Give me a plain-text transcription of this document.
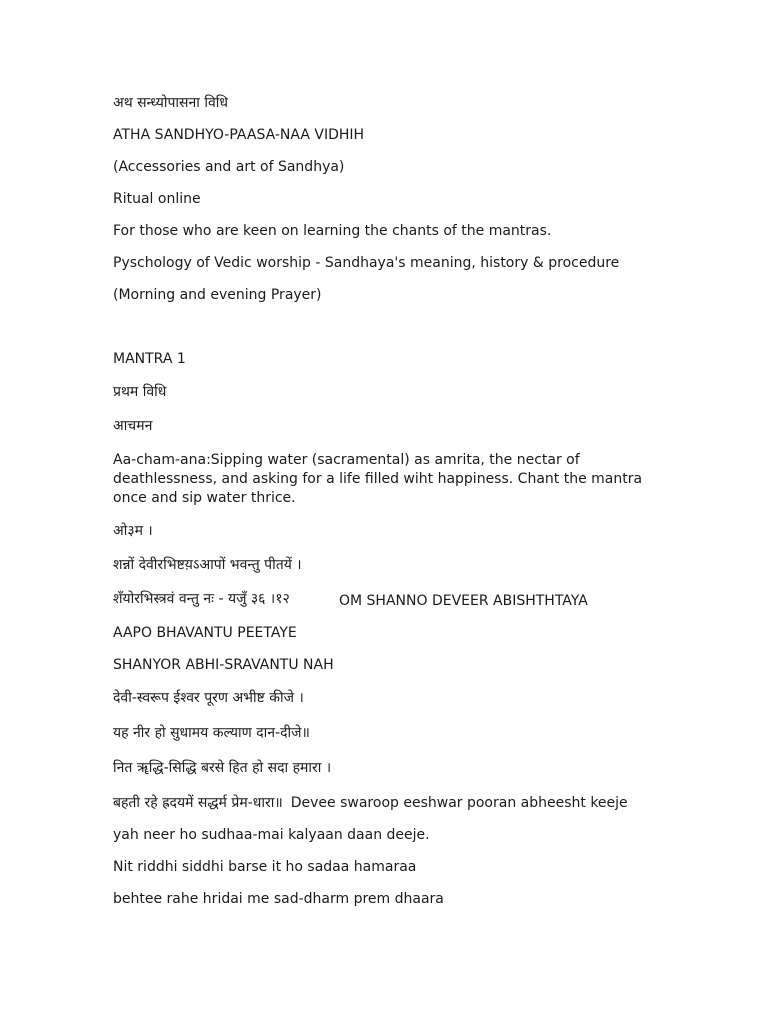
अथ सन्ध्योपासना विधि
ATHA SANDHYO-PAASA-NAA VIDHIH
(Accessories and art of Sandhya)
Ritual online
For those who are keen on learning the chants of the mantras.
Pyschology of Vedic worship - Sandhaya's meaning, history & procedure
(Morning and evening Prayer)
MANTRA 1
प्रथम विधि
आचमन
Aa-cham-ana:Sipping water (sacramental) as amrita, the nectar of deathlessness, and asking for a life filled wiht happiness. Chant the mantra once and sip water thrice.
ओ३म ।
शन्नों देवीरभिष्टय़ऽआपों भवन्तु पीतयें ।
शँयोरभिस्त्रवं वन्तु नः - यजुँ ३६ ।१२	OM SHANNO DEVEER ABISHTHTAYA
AAPO BHAVANTU PEETAYE
SHANYOR ABHI-SRAVANTU NAH
देवी-स्वरूप ईश्वर पूरण अभीष्ट कीजे ।
यह नीर हो सुधामय कल्याण दान-दीजे॥
नित ॠद्धि-सिद्धि बरसे हित हो सदा हमारा ।
बहती रहे ह्रदयमें सद्धर्म प्रेम-धारा॥ Devee swaroop eeshwar pooran abheesht keeje
yah neer ho sudhaa-mai kalyaan daan deeje.
Nit riddhi siddhi barse it ho sadaa hamaraa
behtee rahe hridai me sad-dharm prem dhaara
